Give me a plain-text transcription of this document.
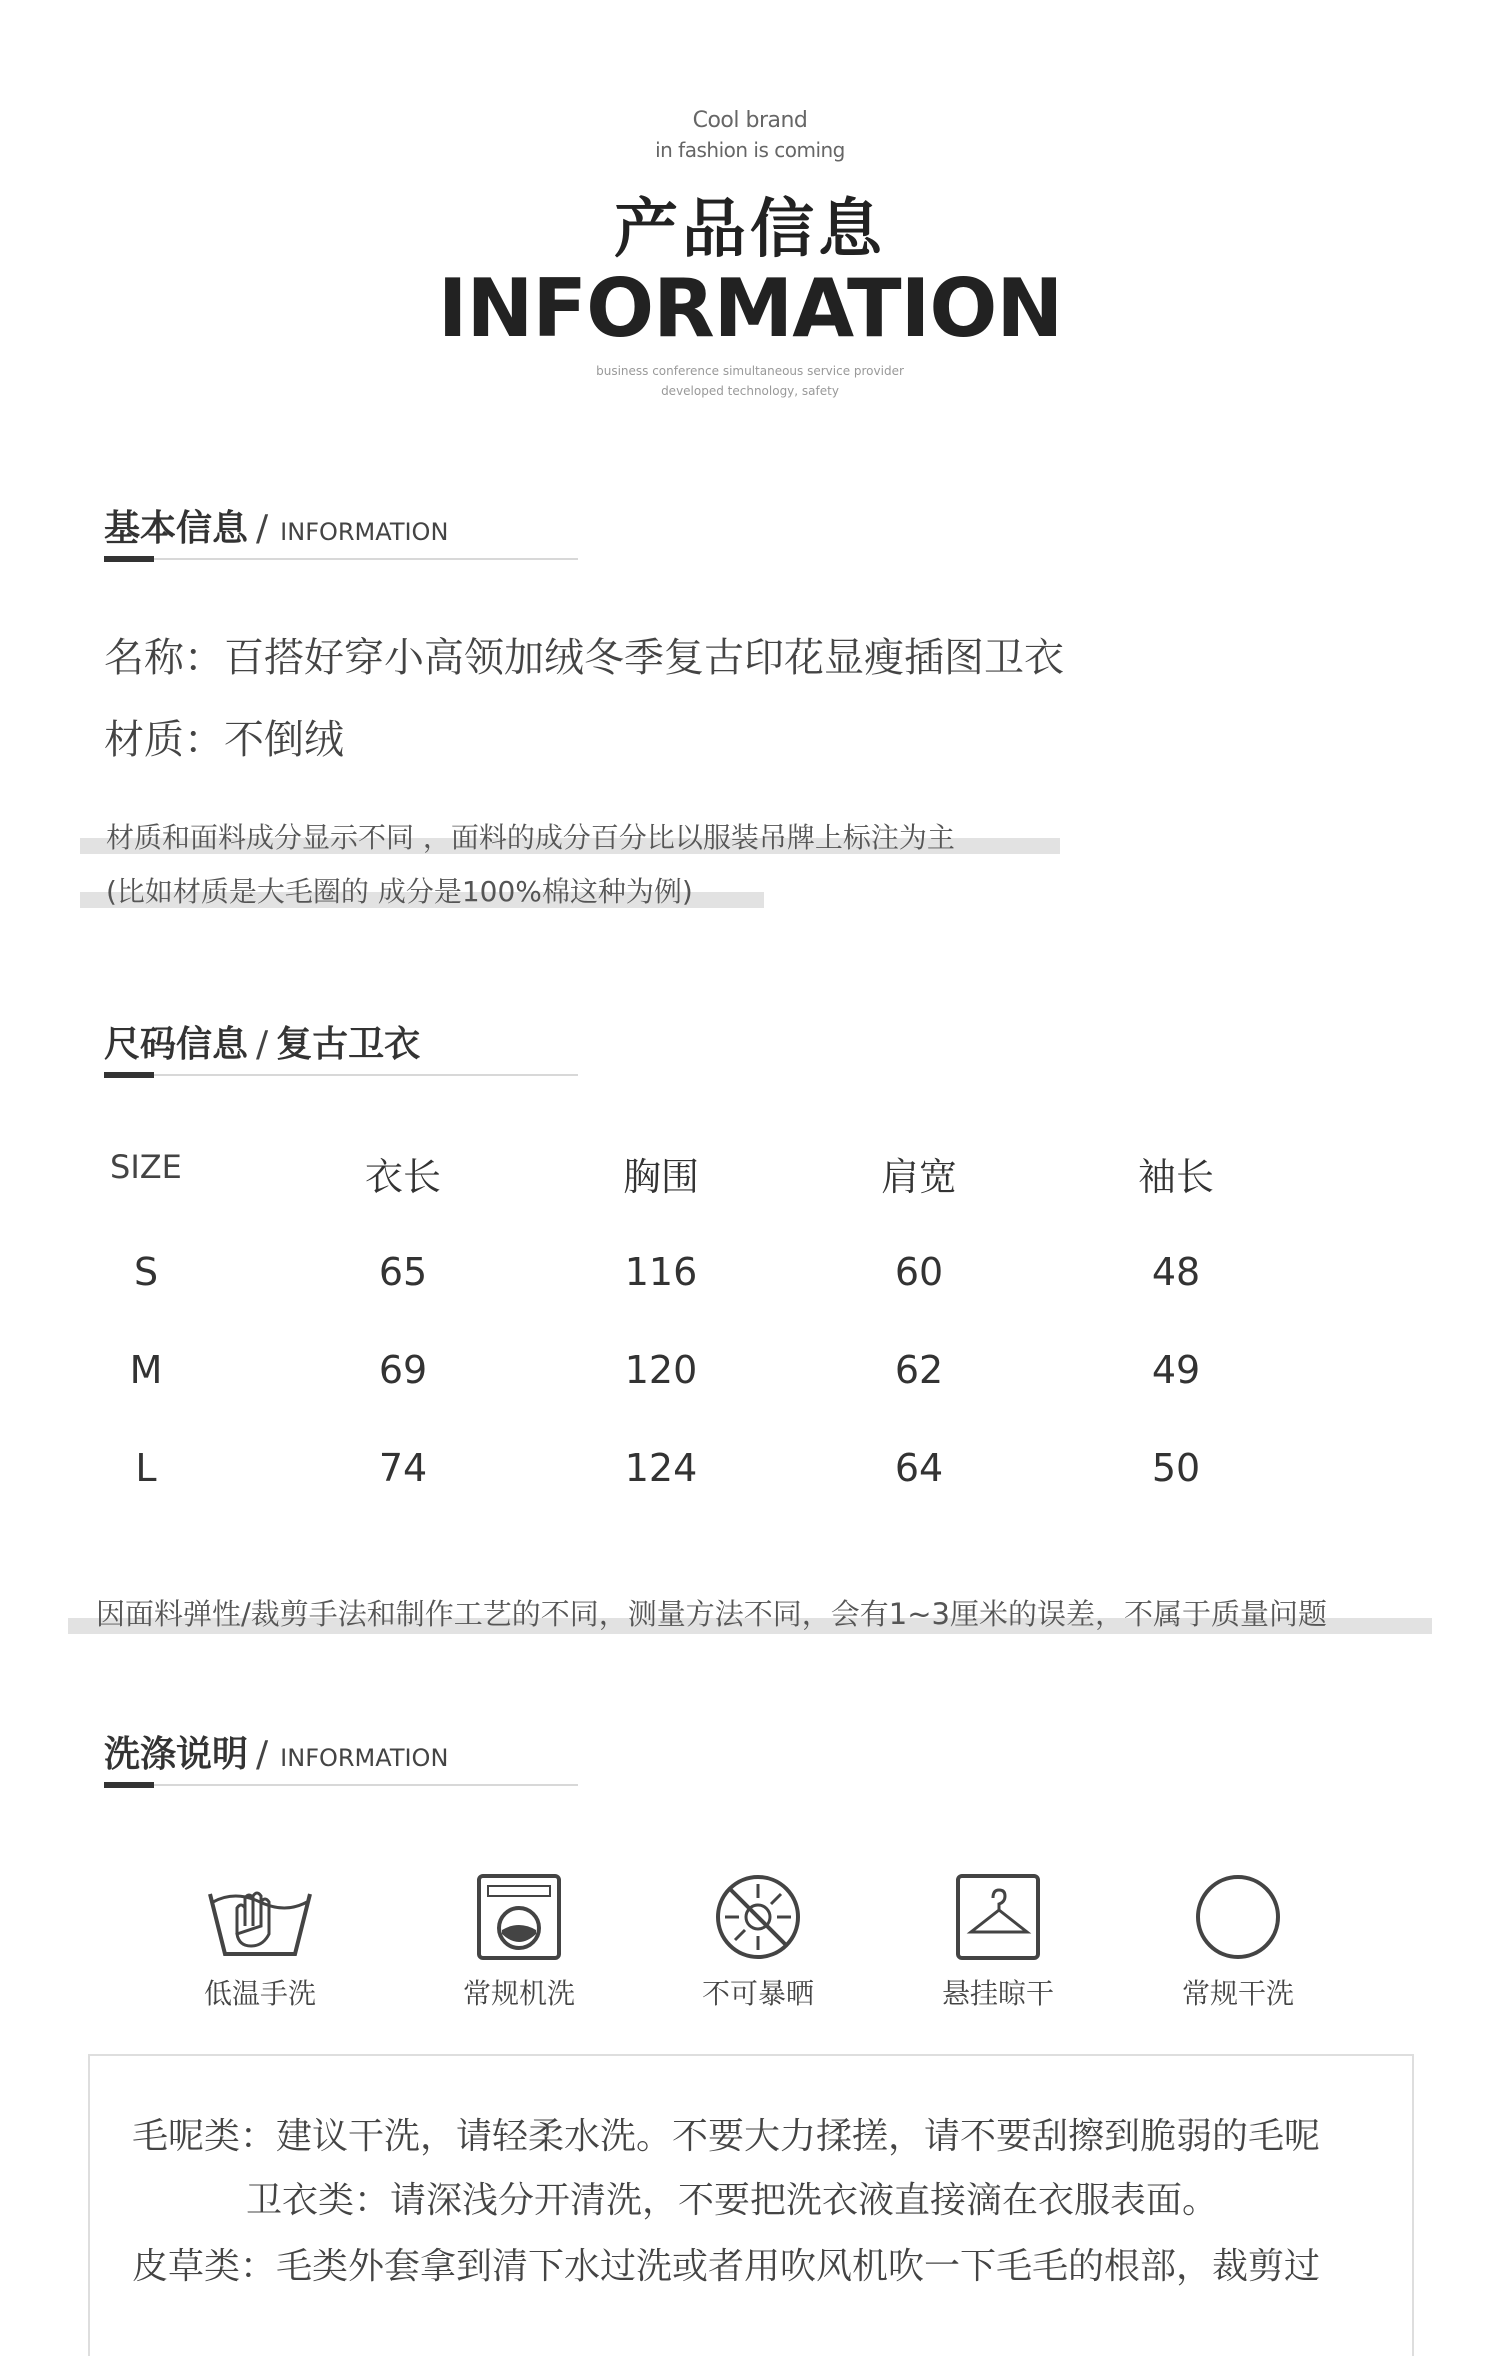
Cool brand
in fashion is coming
产品信息
INFORMATION
business conference simultaneous service provider
developed technology, safety
基本信息 / INFORMATION
名称：百搭好穿小高领加绒冬季复古印花显瘦插图卫衣
材质：不倒绒
材质和面料成分显示不同 ，面料的成分百分比以服装吊牌上标注为主
(比如材质是大毛圈的 成分是100%棉这种为例)
尺码信息 / 复古卫衣
SIZE	衣长	胸围	肩宽	袖长
S	65	116	60	48
M	69	120	62	49
L	74	124	64	50
因面料弹性/裁剪手法和制作工艺的不同，测量方法不同，会有1~3厘米的误差，不属于质量问题
洗涤说明 / INFORMATION
低温手洗	常规机洗	不可暴晒	悬挂晾干	常规干洗
毛呢类：建议干洗，请轻柔水洗。不要大力揉搓，请不要刮擦到脆弱的毛呢
卫衣类：请深浅分开清洗，不要把洗衣液直接滴在衣服表面。
皮草类：毛类外套拿到清下水过洗或者用吹风机吹一下毛毛的根部，裁剪过
